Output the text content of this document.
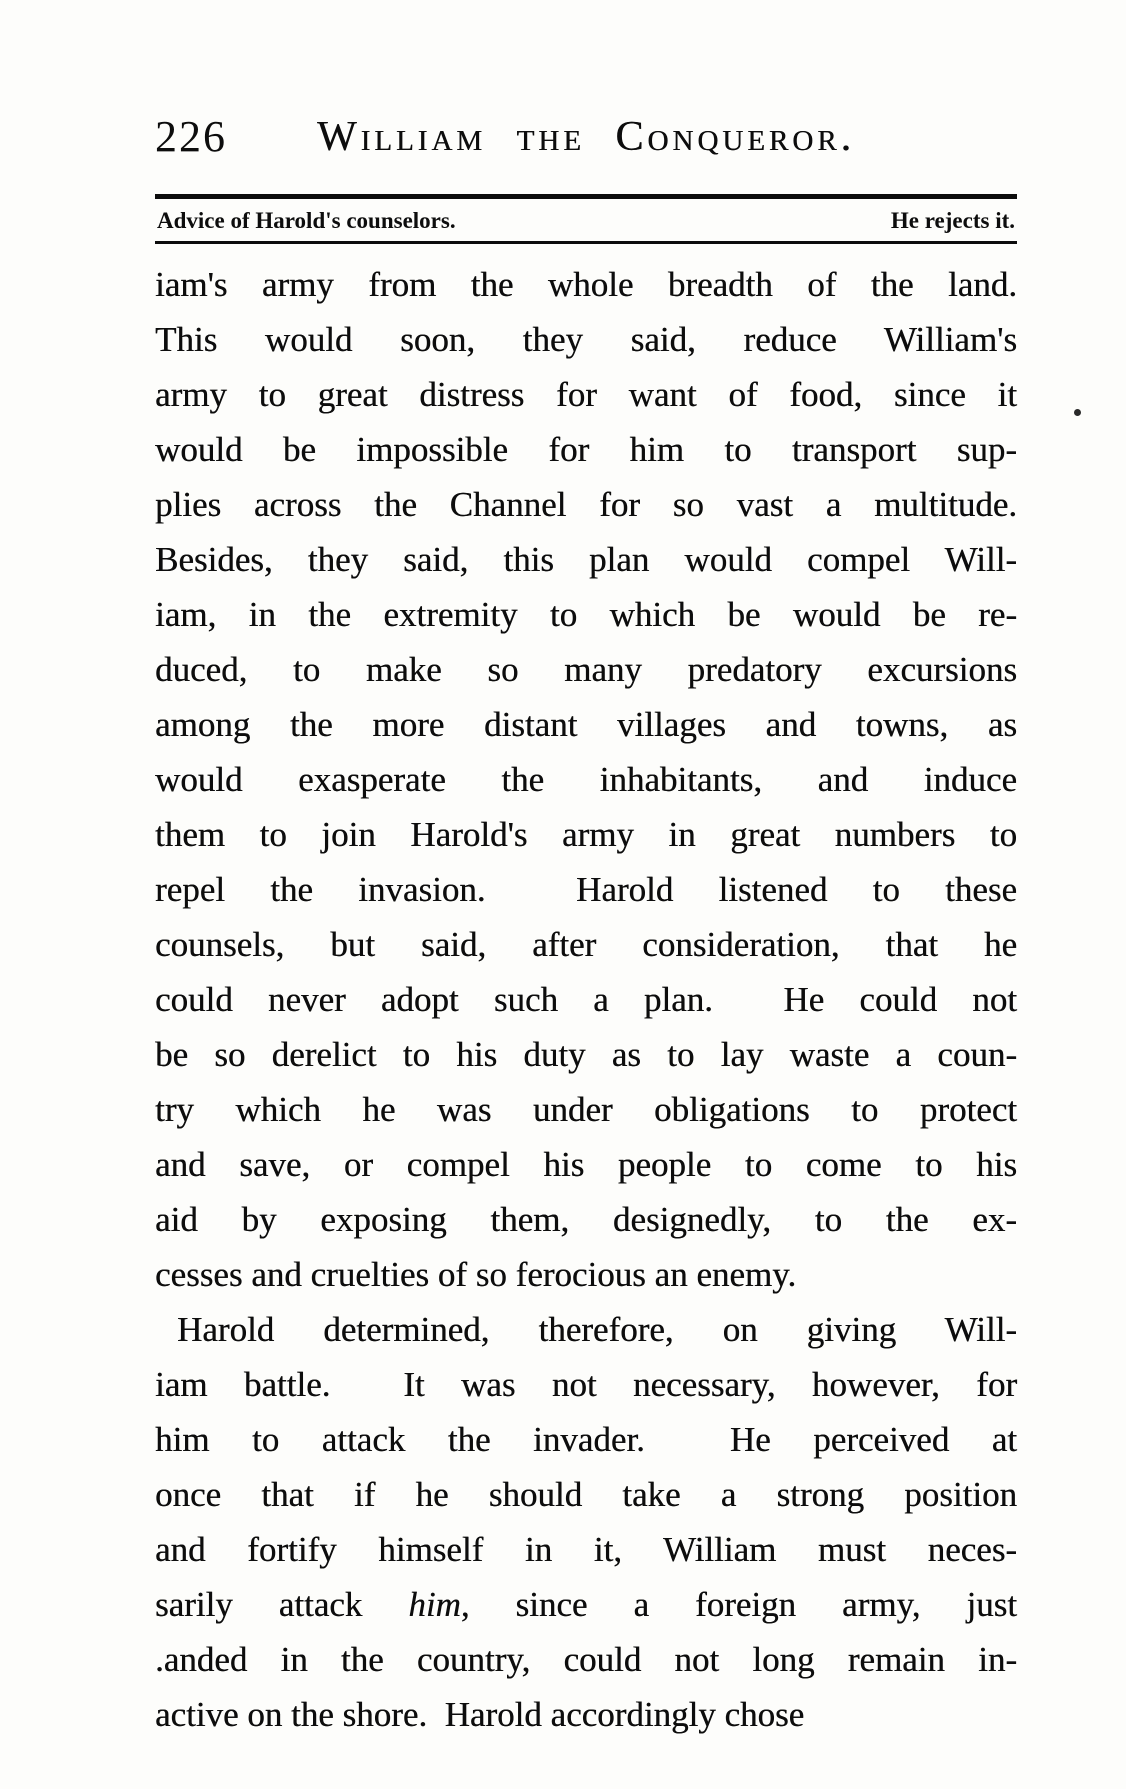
226	William the Conqueror.
Advice of Harold's counselors.	He rejects it.
iam's army from the whole breadth of the land.
This would soon, they said, reduce William's
army to great distress for want of food, since it
would be impossible for him to transport sup-
plies across the Channel for so vast a multitude.
Besides, they said, this plan would compel Will-
iam, in the extremity to which be would be re-
duced, to make so many predatory excursions
among the more distant villages and towns, as
would exasperate the inhabitants, and induce
them to join Harold's army in great numbers to
repel the invasion.  Harold listened to these
counsels, but said, after consideration, that he
could never adopt such a plan.  He could not
be so derelict to his duty as to lay waste a coun-
try which he was under obligations to protect
and save, or compel his people to come to his
aid by exposing them, designedly, to the ex-
cesses and cruelties of so ferocious an enemy.
Harold determined, therefore, on giving Will-
iam battle.  It was not necessary, however, for
him to attack the invader.  He perceived at
once that if he should take a strong position
and fortify himself in it, William must neces-
sarily attack him, since a foreign army, just
.anded in the country, could not long remain in-
active on the shore.  Harold accordingly chose
